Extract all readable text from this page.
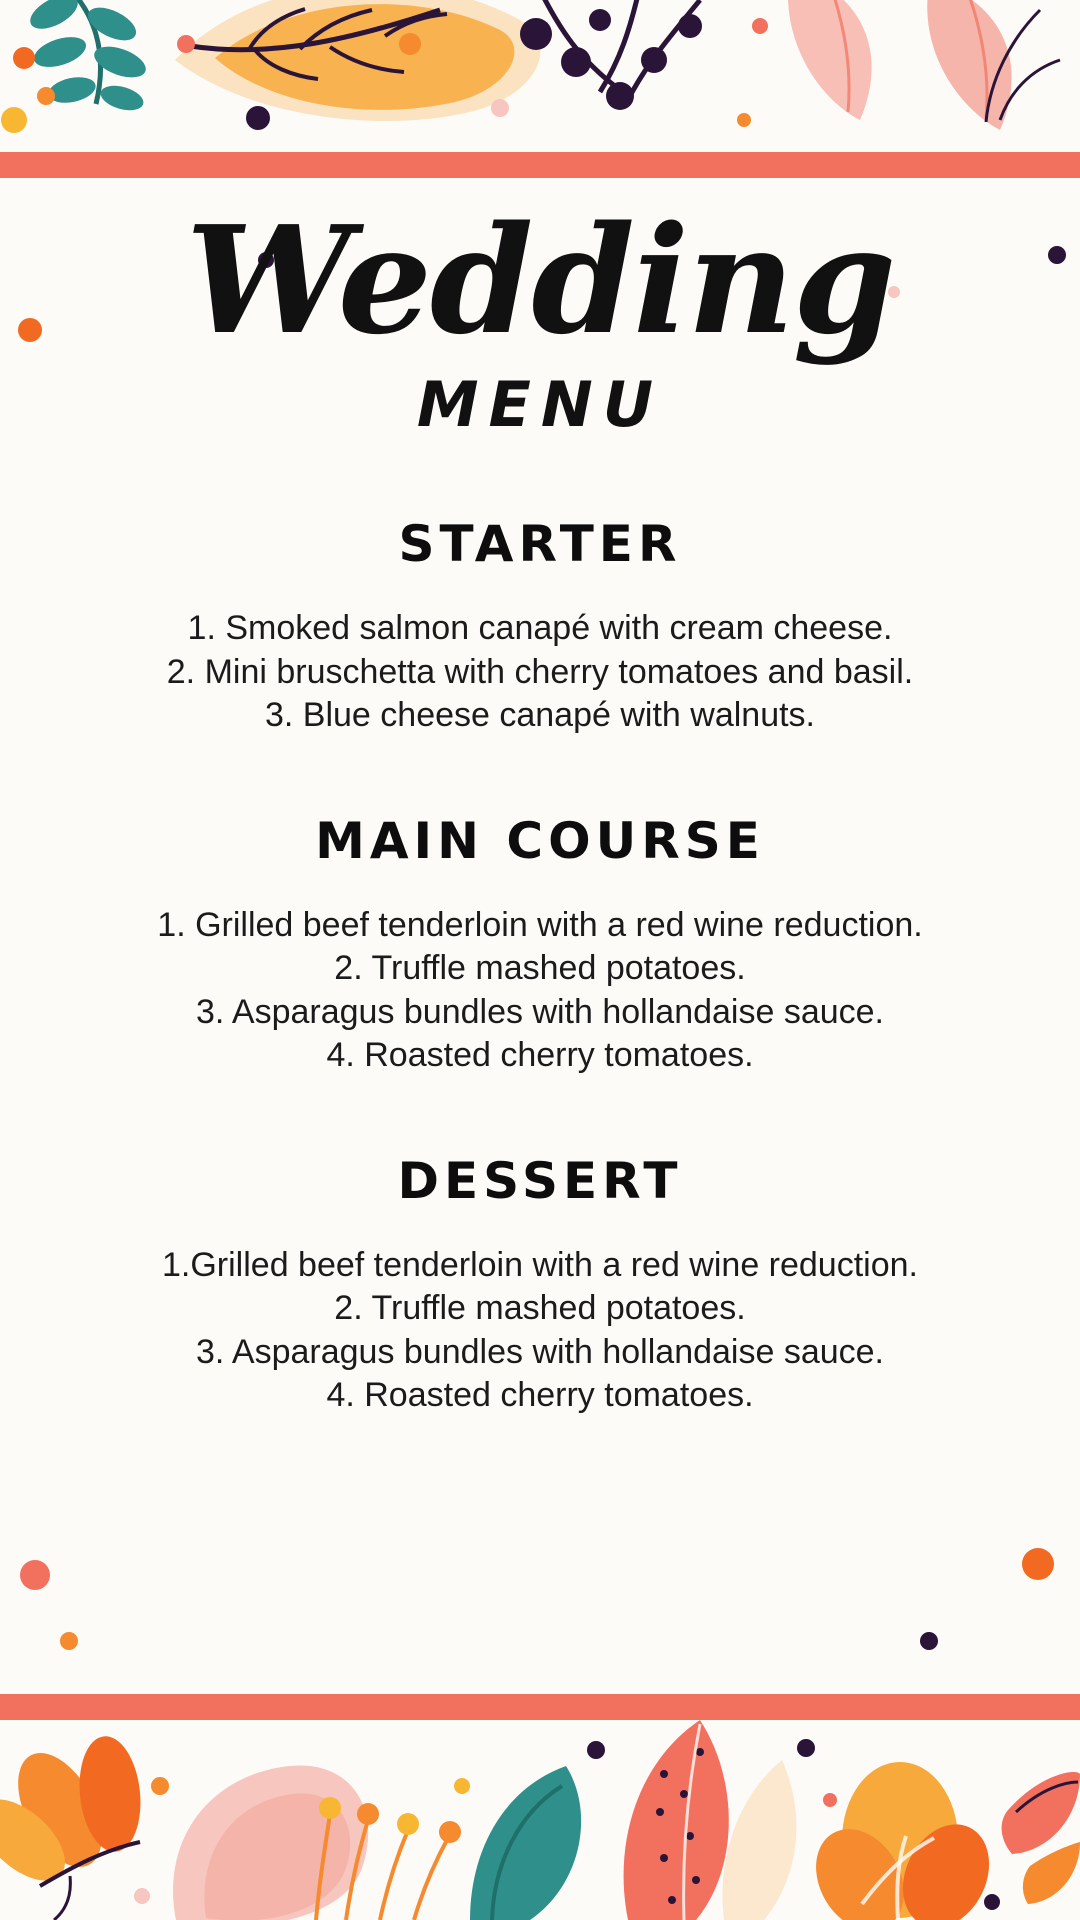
Wedding
MENU
STARTER
1. Smoked salmon canapé with cream cheese.
2. Mini bruschetta with cherry tomatoes and basil.
3. Blue cheese canapé with walnuts.
MAIN COURSE
1. Grilled beef tenderloin with a red wine reduction.
2. Truffle mashed potatoes.
3. Asparagus bundles with hollandaise sauce.
4. Roasted cherry tomatoes.
DESSERT
1.Grilled beef tenderloin with a red wine reduction.
2. Truffle mashed potatoes.
3. Asparagus bundles with hollandaise sauce.
4. Roasted cherry tomatoes.
